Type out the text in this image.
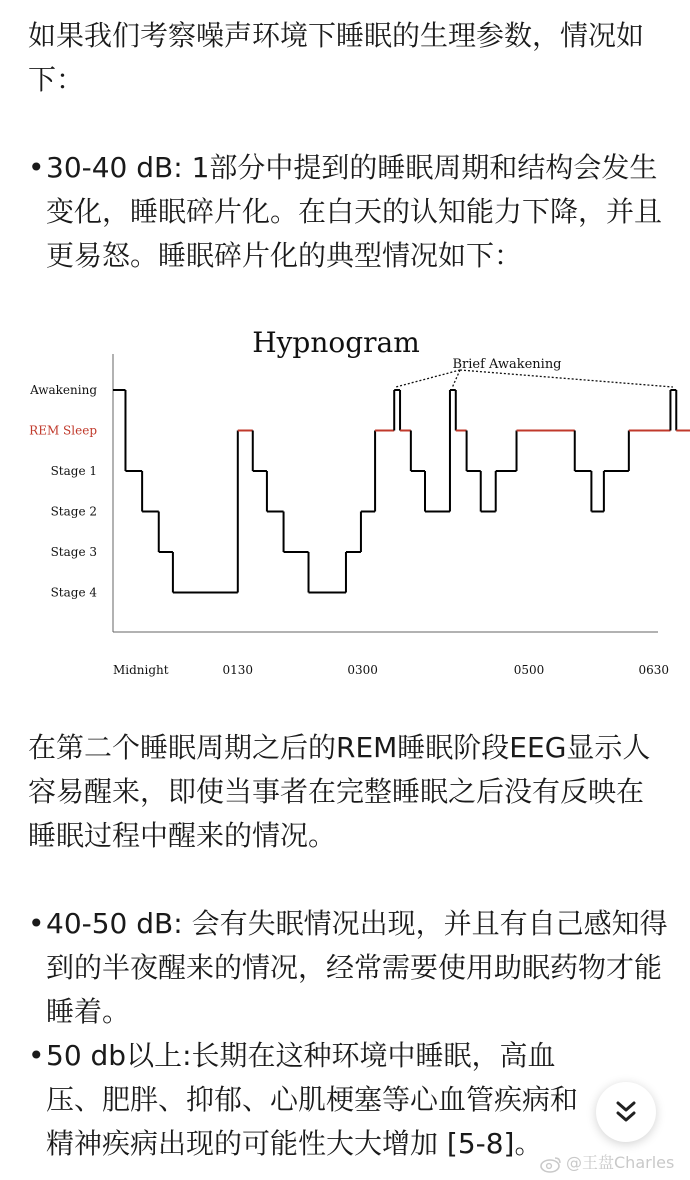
如果我们考察噪声环境下睡眠的生理参数，情况如下：

• 30-40 dB: 1部分中提到的睡眠周期和结构会发生变化，睡眠碎片化。在白天的认知能力下降，并且更易怒。睡眠碎片化的典型情况如下：
Hypnogram
Brief Awakening
Awakening
REM Sleep
Stage 1
Stage 2
Stage 3
Stage 4
Midnight	0130	0300	0500	0630

在第二个睡眠周期之后的REM睡眠阶段EEG显示人容易醒来，即使当事者在完整睡眠之后没有反映在睡眠过程中醒来的情况。

• 40-50 dB: 会有失眠情况出现，并且有自己感知得到的半夜醒来的情况，经常需要使用助眠药物才能睡着。
• 50 db以上:长期在这种环境中睡眠，高血压、肥胖、抑郁、心肌梗塞等心血管疾病和精神疾病出现的可能性大大增加 [5-8]。
@王盘Charles
